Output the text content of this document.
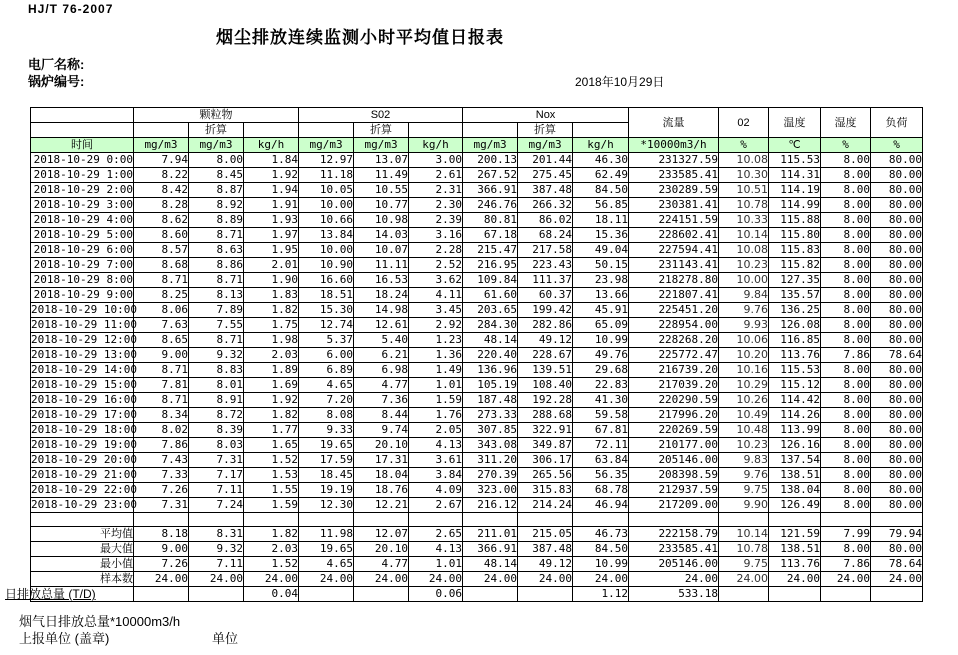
HJ/T 76-2007
烟尘排放连续监测小时平均值日报表
电厂名称:
锅炉编号:	2018年10月29日
	颗粒物			S02			Nox			流量	02	温度	湿度	负荷
		折算			折算			折算						
时间	mg/m3	mg/m3	kg/h	mg/m3	mg/m3	kg/h	mg/m3	mg/m3	kg/h	*10000m3/h	%	℃	%	%
2018-10-29 0:00	7.94	8.00	1.84	12.97	13.07	3.00	200.13	201.44	46.30	231327.59	10.08	115.53	8.00	80.00
2018-10-29 1:00	8.22	8.45	1.92	11.18	11.49	2.61	267.52	275.45	62.49	233585.41	10.30	114.31	8.00	80.00
2018-10-29 2:00	8.42	8.87	1.94	10.05	10.55	2.31	366.91	387.48	84.50	230289.59	10.51	114.19	8.00	80.00
2018-10-29 3:00	8.28	8.92	1.91	10.00	10.77	2.30	246.76	266.32	56.85	230381.41	10.78	114.99	8.00	80.00
2018-10-29 4:00	8.62	8.89	1.93	10.66	10.98	2.39	80.81	86.02	18.11	224151.59	10.33	115.88	8.00	80.00
2018-10-29 5:00	8.60	8.71	1.97	13.84	14.03	3.16	67.18	68.24	15.36	228602.41	10.14	115.80	8.00	80.00
2018-10-29 6:00	8.57	8.63	1.95	10.00	10.07	2.28	215.47	217.58	49.04	227594.41	10.08	115.83	8.00	80.00
2018-10-29 7:00	8.68	8.86	2.01	10.90	11.11	2.52	216.95	223.43	50.15	231143.41	10.23	115.82	8.00	80.00
2018-10-29 8:00	8.71	8.71	1.90	16.60	16.53	3.62	109.84	111.37	23.98	218278.80	10.00	127.35	8.00	80.00
2018-10-29 9:00	8.25	8.13	1.83	18.51	18.24	4.11	61.60	60.37	13.66	221807.41	9.84	135.57	8.00	80.00
2018-10-29 10:00	8.06	7.89	1.82	15.30	14.98	3.45	203.65	199.42	45.91	225451.20	9.76	136.25	8.00	80.00
2018-10-29 11:00	7.63	7.55	1.75	12.74	12.61	2.92	284.30	282.86	65.09	228954.00	9.93	126.08	8.00	80.00
2018-10-29 12:00	8.65	8.71	1.98	5.37	5.40	1.23	48.14	49.12	10.99	228268.20	10.06	116.85	8.00	80.00
2018-10-29 13:00	9.00	9.32	2.03	6.00	6.21	1.36	220.40	228.67	49.76	225772.47	10.20	113.76	7.86	78.64
2018-10-29 14:00	8.71	8.83	1.89	6.89	6.98	1.49	136.96	139.51	29.68	216739.20	10.16	115.53	8.00	80.00
2018-10-29 15:00	7.81	8.01	1.69	4.65	4.77	1.01	105.19	108.40	22.83	217039.20	10.29	115.12	8.00	80.00
2018-10-29 16:00	8.71	8.91	1.92	7.20	7.36	1.59	187.48	192.28	41.30	220290.59	10.26	114.42	8.00	80.00
2018-10-29 17:00	8.34	8.72	1.82	8.08	8.44	1.76	273.33	288.68	59.58	217996.20	10.49	114.26	8.00	80.00
2018-10-29 18:00	8.02	8.39	1.77	9.33	9.74	2.05	307.85	322.91	67.81	220269.59	10.48	113.99	8.00	80.00
2018-10-29 19:00	7.86	8.03	1.65	19.65	20.10	4.13	343.08	349.87	72.11	210177.00	10.23	126.16	8.00	80.00
2018-10-29 20:00	7.43	7.31	1.52	17.59	17.31	3.61	311.20	306.17	63.84	205146.00	9.83	137.54	8.00	80.00
2018-10-29 21:00	7.33	7.17	1.53	18.45	18.04	3.84	270.39	265.56	56.35	208398.59	9.76	138.51	8.00	80.00
2018-10-29 22:00	7.26	7.11	1.55	19.19	18.76	4.09	323.00	315.83	68.78	212937.59	9.75	138.04	8.00	80.00
2018-10-29 23:00	7.31	7.24	1.59	12.30	12.21	2.67	216.12	214.24	46.94	217209.00	9.90	126.49	8.00	80.00

平均值	8.18	8.31	1.82	11.98	12.07	2.65	211.01	215.05	46.73	222158.79	10.14	121.59	7.99	79.94
最大值	9.00	9.32	2.03	19.65	20.10	4.13	366.91	387.48	84.50	233585.41	10.78	138.51	8.00	80.00
最小值	7.26	7.11	1.52	4.65	4.77	1.01	48.14	49.12	10.99	205146.00	9.75	113.76	7.86	78.64
样本数	24.00	24.00	24.00	24.00	24.00	24.00	24.00	24.00	24.00	24.00	24.00	24.00	24.00	24.00

日排放总量 (T/D)			0.04			0.06			1.12	533.18				
烟气日排放总量*10000m3/h
上报单位 (盖章)	单位
